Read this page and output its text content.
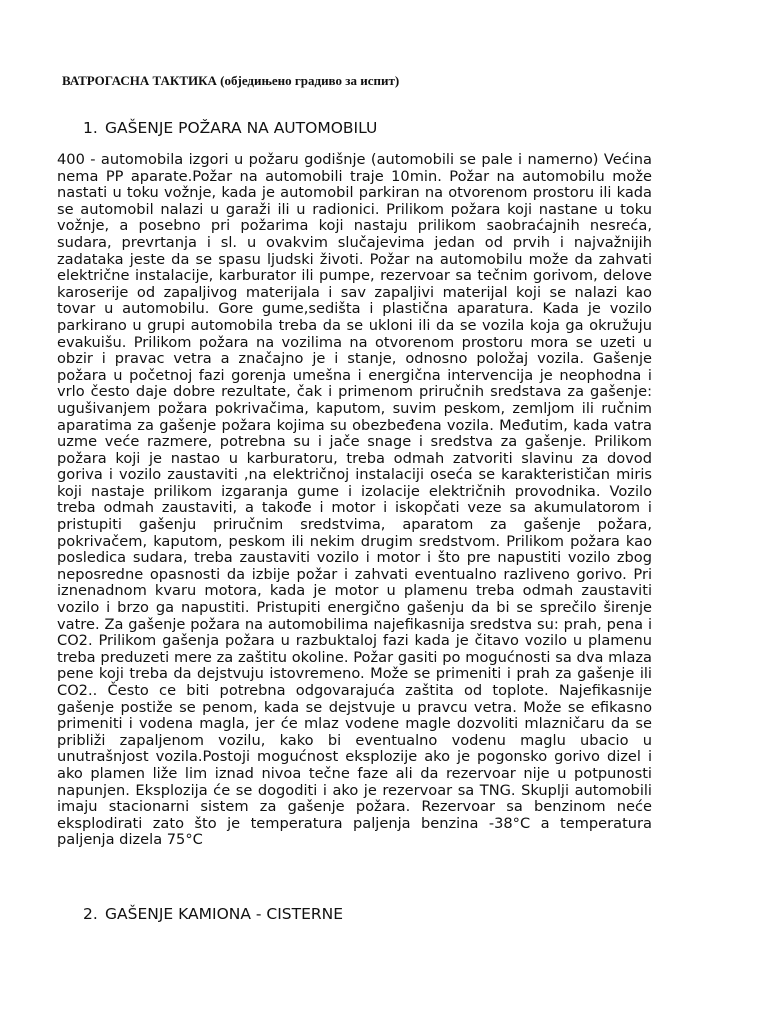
ВАТРОГАСНА ТАКТИКА (обједињено градиво за испит)
1. GAŠENJE POŽARA NA AUTOMOBILU
400 - automobila izgori u požaru godišnje (automobili se pale i namerno) Većina nema PP aparate.Požar na automobili traje 10min. Požar na automobilu može nastati u toku vožnje, kada je automobil parkiran na otvorenom prostoru ili kada se automobil nalazi u garaži ili u radionici. Prilikom požara koji nastane u toku vožnje, a posebno pri požarima koji nastaju prilikom saobraćajnih nesreća, sudara, prevrtanja i sl. u ovakvim slučajevima jedan od prvih i najvažnijih zadataka jeste da se spasu ljudski životi. Požar na automobilu može da zahvati električne instalacije, karburator ili pumpe, rezervoar sa tečnim gorivom, delove karoserije od zapaljivog materijala i sav zapaljivi materijal koji se nalazi kao tovar u automobilu. Gore gume,sedišta i plastična aparatura. Kada je vozilo parkirano u grupi automobila treba da se ukloni ili da se vozila koja ga okružuju evakuišu. Prilikom požara na vozilima na otvorenom prostoru mora se uzeti u obzir i pravac vetra a značajno je i stanje, odnosno položaj vozila. Gašenje požara u početnoj fazi gorenja umešna i energična intervencija je neophodna i vrlo često daje dobre rezultate, čak i primenom priručnih sredstava za gašenje: ugušivanjem požara pokrivačima, kaputom, suvim peskom, zemljom ili ručnim aparatima za gašenje požara kojima su obezbeđena vozila. Međutim, kada vatra uzme veće razmere, potrebna su i jače snage i sredstva za gašenje. Prilikom požara koji je nastao u karburatoru, treba odmah zatvoriti slavinu za dovod goriva i vozilo zaustaviti ,na električnoj instalaciji oseća se karakterističan miris koji nastaje prilikom izgaranja gume i izolacije električnih provodnika. Vozilo treba odmah zaustaviti, a takođe i motor i iskopčati veze sa akumulatorom i pristupiti gašenju priručnim sredstvima, aparatom za gašenje požara, pokrivačem, kaputom, peskom ili nekim drugim sredstvom. Prilikom požara kao posledica sudara, treba zaustaviti vozilo i motor i što pre napustiti vozilo zbog neposredne opasnosti da izbije požar i zahvati eventualno razliveno gorivo. Pri iznenadnom kvaru motora, kada je motor u plamenu treba odmah zaustaviti vozilo i brzo ga napustiti. Pristupiti energično gašenju da bi se sprečilo širenje vatre. Za gašenje požara na automobilima najefikasnija sredstva su: prah, pena i CO2. Prilikom gašenja požara u razbuktaloj fazi kada je čitavo vozilo u plamenu treba preduzeti mere za zaštitu okoline. Požar gasiti po mogućnosti sa dva mlaza pene koji treba da dejstvuju istovremeno. Može se primeniti i prah za gašenje ili CO2.. Često ce biti potrebna odgovarajuća zaštita od toplote. Najefikasnije gašenje postiže se penom, kada se dejstvuje u pravcu vetra. Može se efikasno primeniti i vodena magla, jer će mlaz vodene magle dozvoliti mlazničaru da se približi zapaljenom vozilu, kako bi eventualno vodenu maglu ubacio u unutrašnjost vozila.Postoji mogućnost eksplozije ako je pogonsko gorivo dizel i ako plamen liže lim iznad nivoa tečne faze ali da rezervoar nije u potpunosti napunjen. Eksplozija će se dogoditi i ako je rezervoar sa TNG. Skuplji automobili imaju stacionarni sistem za gašenje požara. Rezervoar sa benzinom neće eksplodirati zato što je temperatura paljenja benzina -38°C a temperatura paljenja dizela 75°C
2. GAŠENJE KAMIONA - CISTERNE
